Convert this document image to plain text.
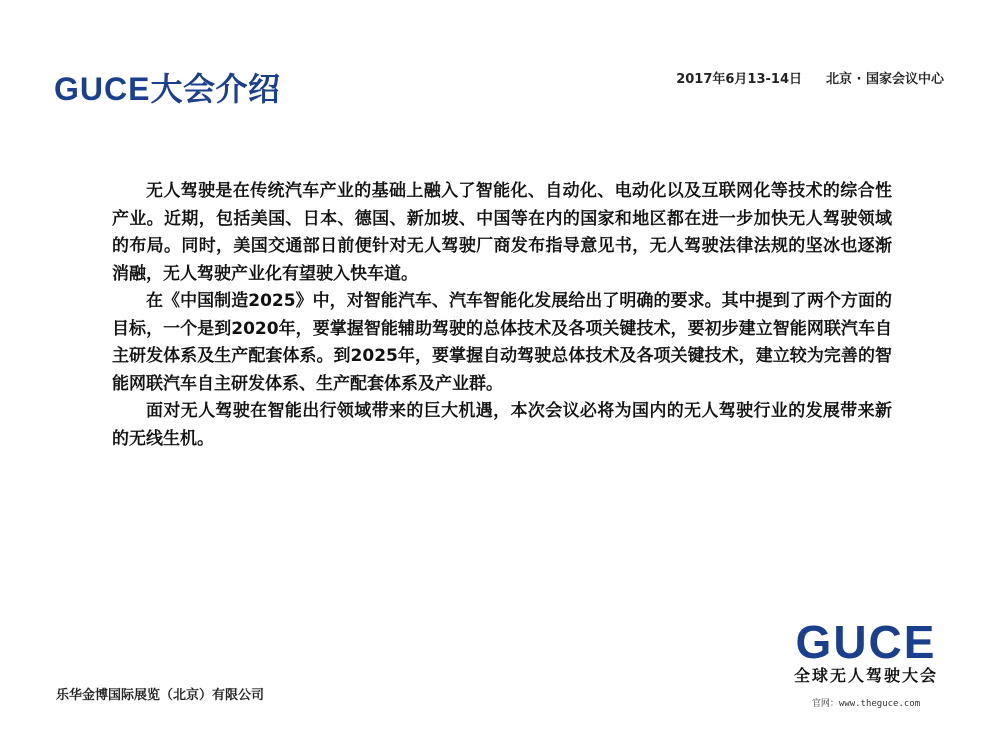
GUCE大会介绍	2017年6月13-14日 北京 · 国家会议中心

无人驾驶是在传统汽车产业的基础上融入了智能化、自动化、电动化以及互联网化等技术的综合性产业。近期，包括美国、日本、德国、新加坡、中国等在内的国家和地区都在进一步加快无人驾驶领域的布局。同时，美国交通部日前便针对无人驾驶厂商发布指导意见书，无人驾驶法律法规的坚冰也逐渐消融，无人驾驶产业化有望驶入快车道。

在《中国制造2025》中，对智能汽车、汽车智能化发展给出了明确的要求。其中提到了两个方面的目标，一个是到2020年，要掌握智能辅助驾驶的总体技术及各项关键技术，要初步建立智能网联汽车自主研发体系及生产配套体系。到2025年，要掌握自动驾驶总体技术及各项关键技术，建立较为完善的智能网联汽车自主研发体系、生产配套体系及产业群。

面对无人驾驶在智能出行领域带来的巨大机遇，本次会议必将为国内的无人驾驶行业的发展带来新的无线生机。

乐华金博国际展览（北京）有限公司
GUCE
全球无人驾驶大会
官网：www.theguce.com
